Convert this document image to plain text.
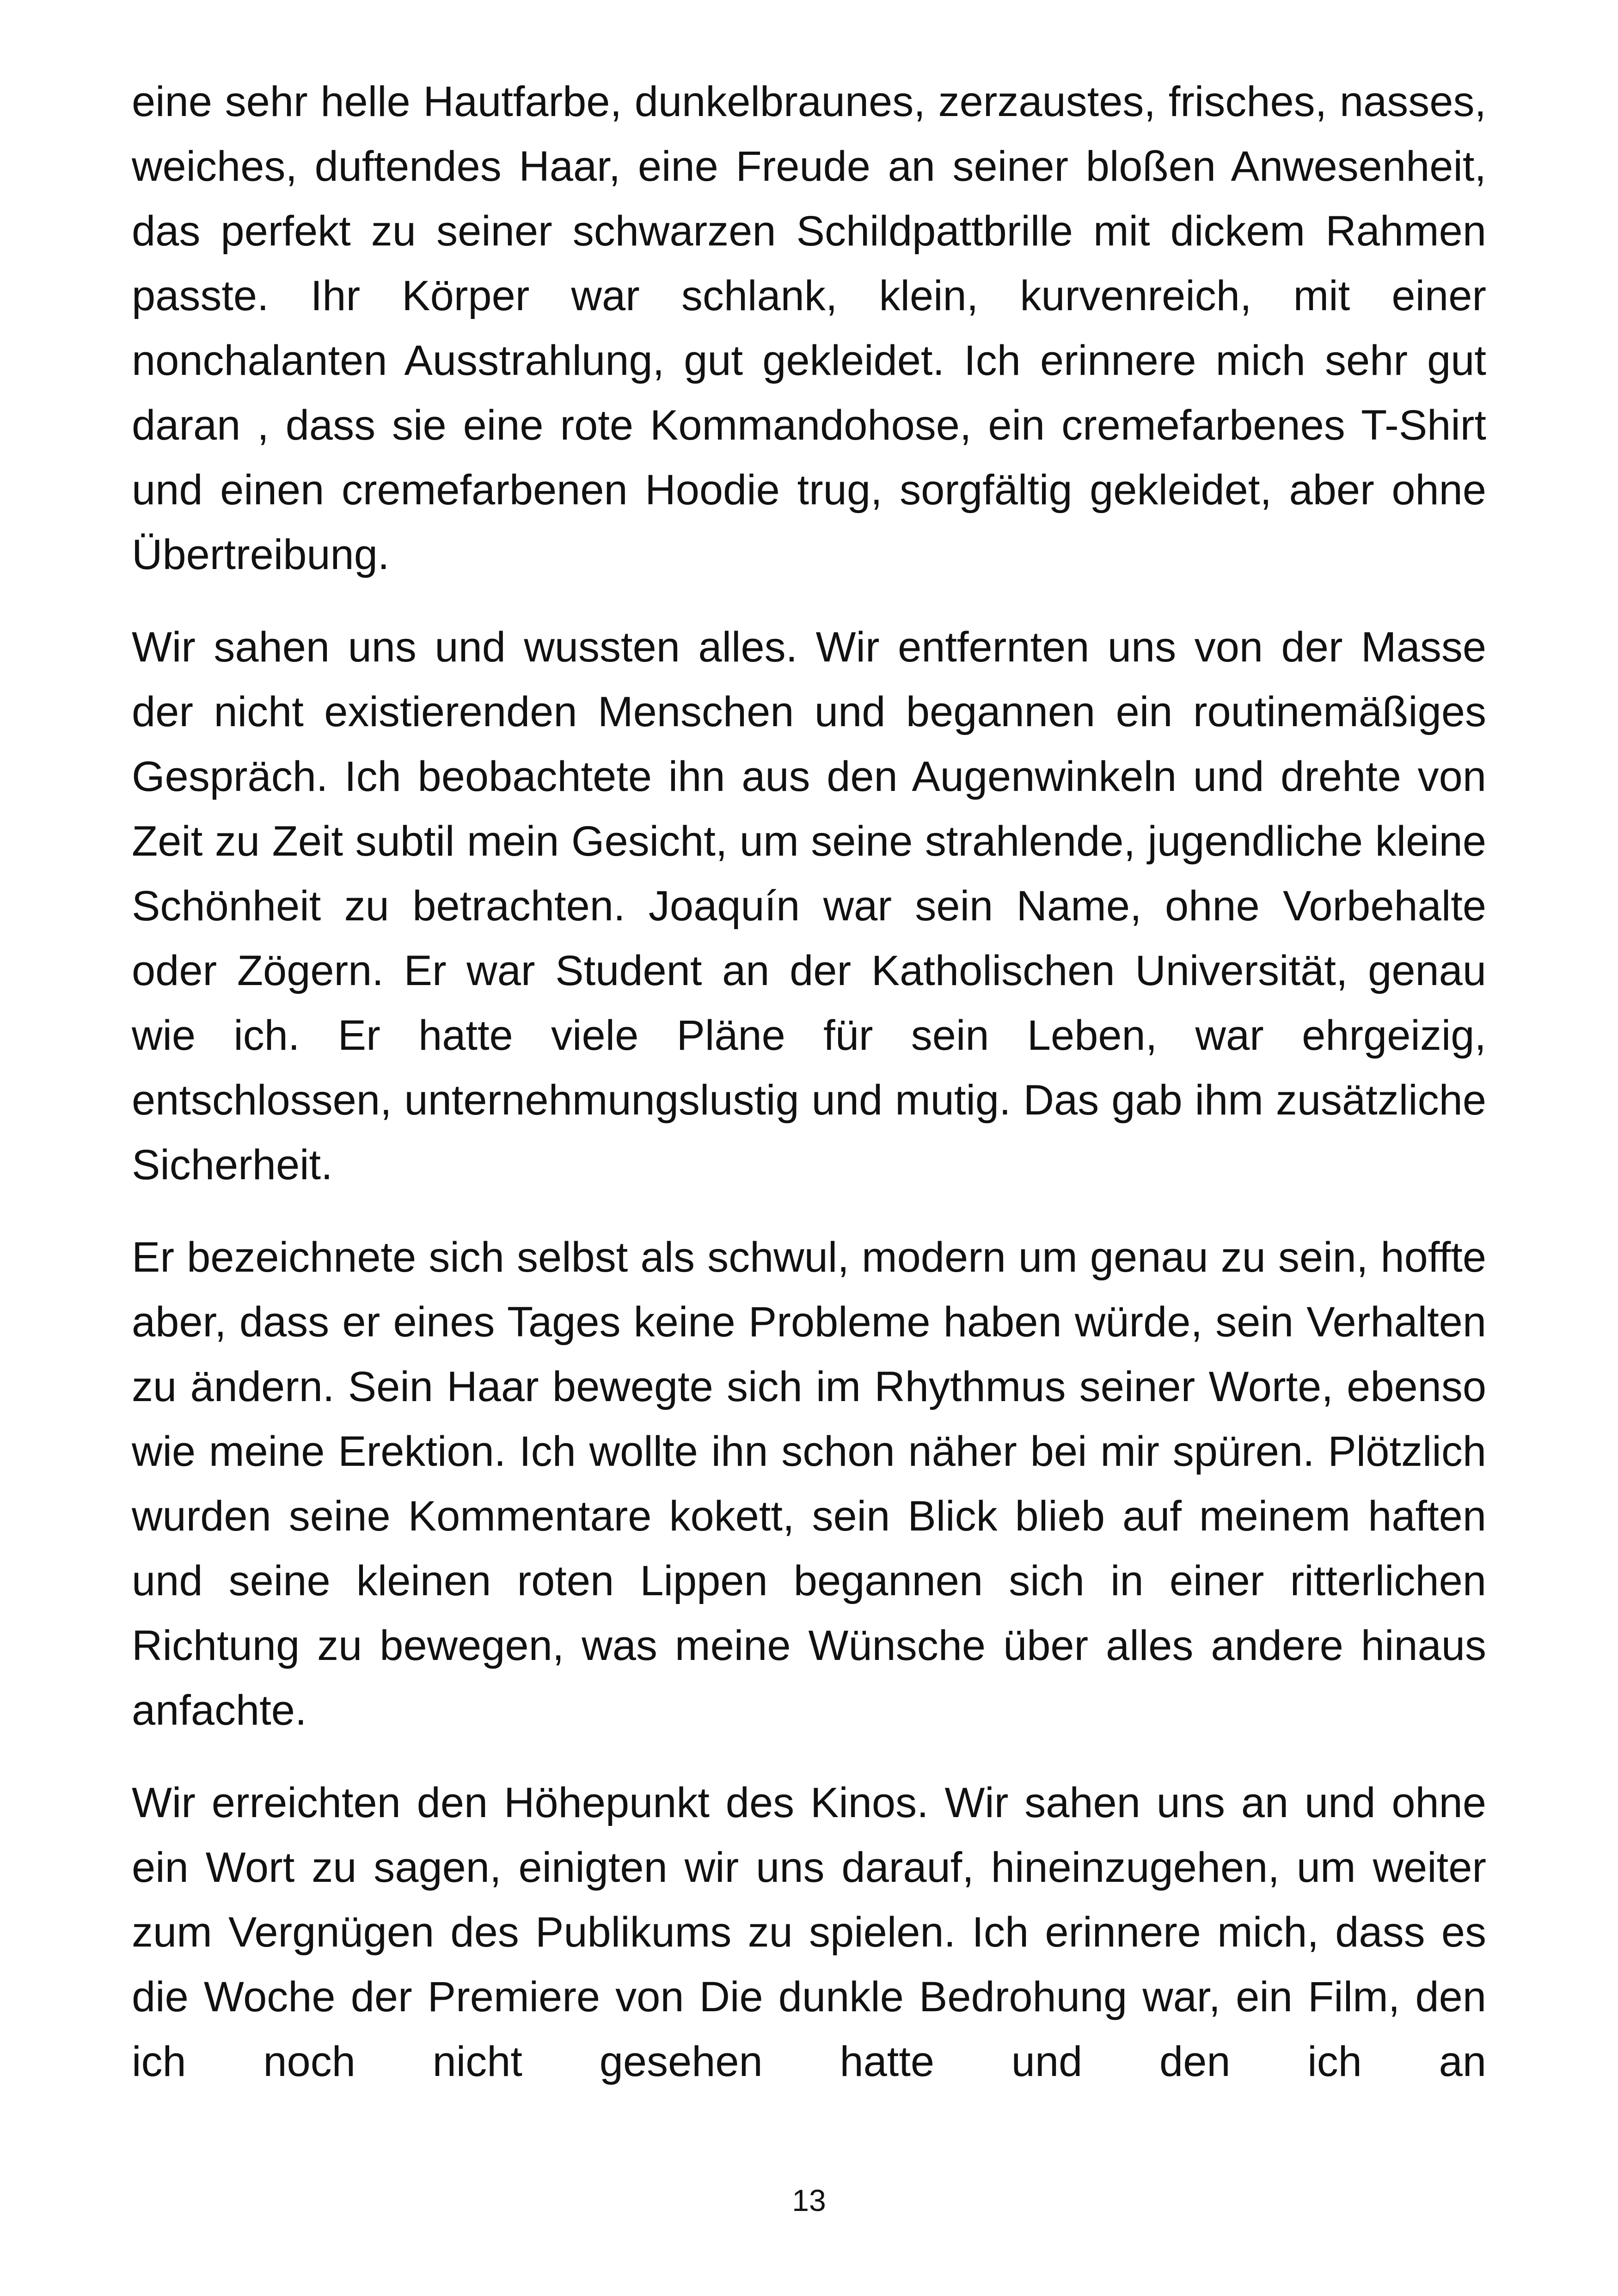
eine sehr helle Hautfarbe, dunkelbraunes, zerzaustes, frisches, nasses, weiches, duftendes Haar, eine Freude an seiner bloßen Anwesenheit, das perfekt zu seiner schwarzen Schildpattbrille mit dickem Rahmen passte. Ihr Körper war schlank, klein, kurvenreich, mit einer nonchalanten Ausstrahlung, gut gekleidet. Ich erinnere mich sehr gut daran , dass sie eine rote Kommandohose, ein cremefarbenes T-Shirt und einen cremefarbenen Hoodie trug, sorgfältig gekleidet, aber ohne Übertreibung.

Wir sahen uns und wussten alles. Wir entfernten uns von der Masse der nicht existierenden Menschen und begannen ein routinemäßiges Gespräch. Ich beobachtete ihn aus den Augenwinkeln und drehte von Zeit zu Zeit subtil mein Gesicht, um seine strahlende, jugendliche kleine Schönheit zu betrachten. Joaquín war sein Name, ohne Vorbehalte oder Zögern. Er war Student an der Katholischen Universität, genau wie ich. Er hatte viele Pläne für sein Leben, war ehrgeizig, entschlossen, unternehmungslustig und mutig. Das gab ihm zusätzliche Sicherheit.

Er bezeichnete sich selbst als schwul, modern um genau zu sein, hoffte aber, dass er eines Tages keine Probleme haben würde, sein Verhalten zu ändern. Sein Haar bewegte sich im Rhythmus seiner Worte, ebenso wie meine Erektion. Ich wollte ihn schon näher bei mir spüren. Plötzlich wurden seine Kommentare kokett, sein Blick blieb auf meinem haften und seine kleinen roten Lippen begannen sich in einer ritterlichen Richtung zu bewegen, was meine Wünsche über alles andere hinaus anfachte.

Wir erreichten den Höhepunkt des Kinos. Wir sahen uns an und ohne ein Wort zu sagen, einigten wir uns darauf, hineinzugehen, um weiter zum Vergnügen des Publikums zu spielen. Ich erinnere mich, dass es die Woche der Premiere von Die dunkle Bedrohung war, ein Film, den ich noch nicht gesehen hatte und den ich an

13
